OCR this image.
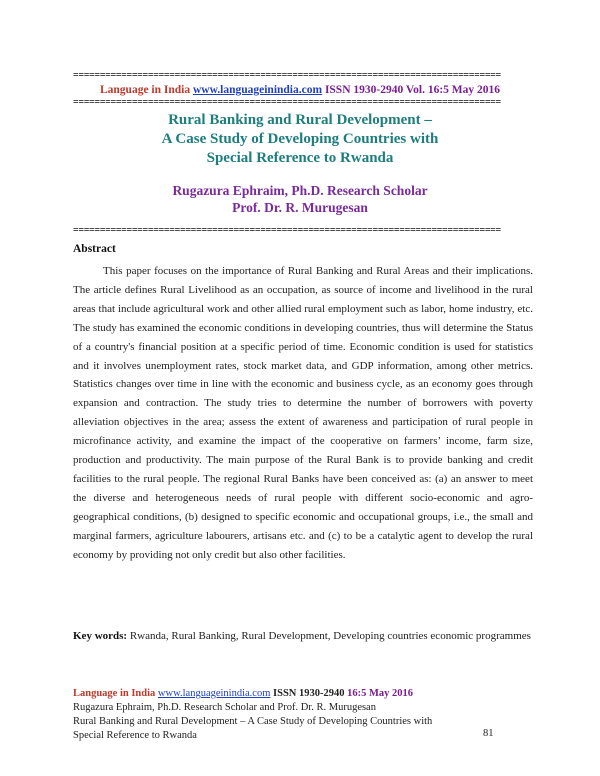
================================================================================
Language in India www.languageinindia.com ISSN 1930-2940 Vol. 16:5 May 2016
================================================================================
Rural Banking and Rural Development –
A Case Study of Developing Countries with
Special Reference to Rwanda
Rugazura Ephraim, Ph.D. Research Scholar
Prof. Dr. R. Murugesan
================================================================================
Abstract
This paper focuses on the importance of Rural Banking and Rural Areas and their implications. The article defines Rural Livelihood as an occupation, as source of income and livelihood in the rural areas that include agricultural work and other allied rural employment such as labor, home industry, etc. The study has examined the economic conditions in developing countries, thus will determine the Status of a country's financial position at a specific period of time. Economic condition is used for statistics and it involves unemployment rates, stock market data, and GDP information, among other metrics. Statistics changes over time in line with the economic and business cycle, as an economy goes through expansion and contraction. The study tries to determine the number of borrowers with poverty alleviation objectives in the area; assess the extent of awareness and participation of rural people in microfinance activity, and examine the impact of the cooperative on farmers’ income, farm size, production and productivity. The main purpose of the Rural Bank is to provide banking and credit facilities to the rural people. The regional Rural Banks have been conceived as: (a) an answer to meet the diverse and heterogeneous needs of rural people with different socio-economic and agro- geographical conditions, (b) designed to specific economic and occupational groups, i.e., the small and marginal farmers, agriculture labourers, artisans etc. and (c) to be a catalytic agent to develop the rural economy by providing not only credit but also other facilities.
Key words: Rwanda, Rural Banking, Rural Development, Developing countries economic programmes
Language in India www.languageinindia.com ISSN 1930-2940 16:5 May 2016
Rugazura Ephraim, Ph.D. Research Scholar and Prof. Dr. R. Murugesan
Rural Banking and Rural Development – A Case Study of Developing Countries with
Special Reference to Rwanda	81
